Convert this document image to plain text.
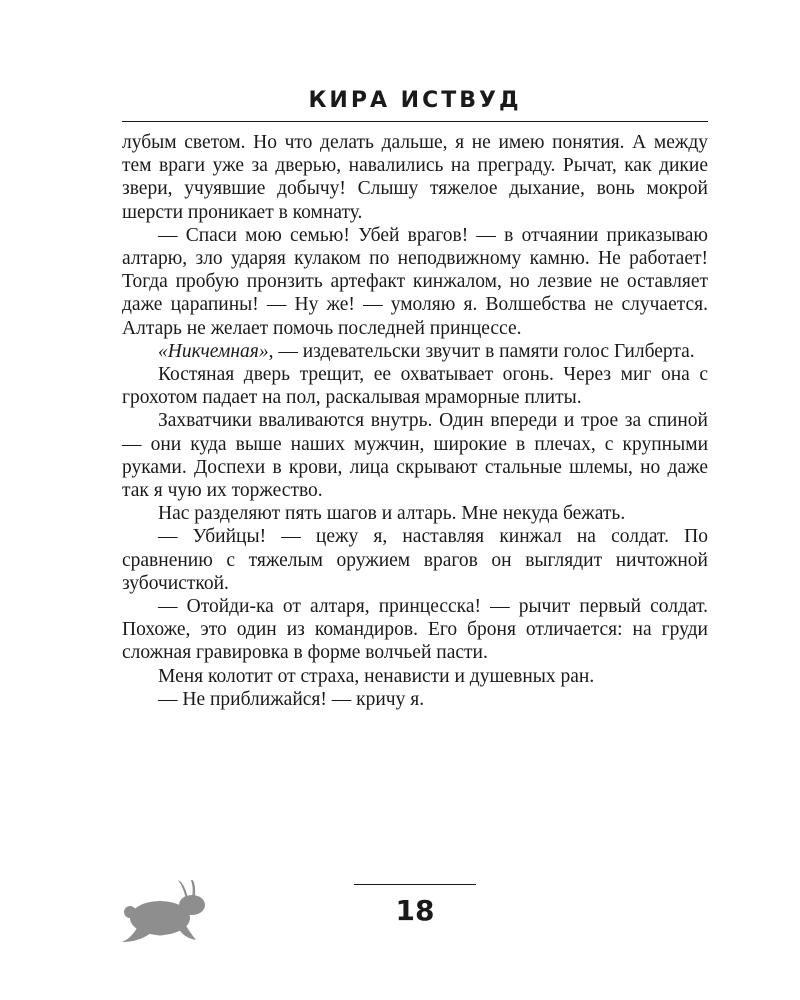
КИРА ИСТВУД

лубым светом. Но что делать дальше, я не имею понятия. А между тем враги уже за дверью, навалились на преграду. Рычат, как дикие звери, учуявшие добычу! Слышу тяжелое дыхание, вонь мокрой шерсти проникает в комнату.

— Спаси мою семью! Убей врагов! — в отчаянии приказываю алтарю, зло ударяя кулаком по неподвижному камню. Не работает! Тогда пробую пронзить артефакт кинжалом, но лезвие не оставляет даже царапины! — Ну же! — умоляю я. Волшебства не случается. Алтарь не желает помочь последней принцессе.

«Никчемная», — издевательски звучит в памяти голос Гилберта.

Костяная дверь трещит, ее охватывает огонь. Через миг она с грохотом падает на пол, раскалывая мраморные плиты.

Захватчики вваливаются внутрь. Один впереди и трое за спиной — они куда выше наших мужчин, широкие в плечах, с крупными руками. Доспехи в крови, лица скрывают стальные шлемы, но даже так я чую их торжество.

Нас разделяют пять шагов и алтарь. Мне некуда бежать.

— Убийцы! — цежу я, наставляя кинжал на солдат. По сравнению с тяжелым оружием врагов он выглядит ничтожной зубочисткой.

— Отойди-ка от алтаря, принцесска! — рычит первый солдат. Похоже, это один из командиров. Его броня отличается: на груди сложная гравировка в форме волчьей пасти.

Меня колотит от страха, ненависти и душевных ран.

— Не приближайся! — кричу я.

18
